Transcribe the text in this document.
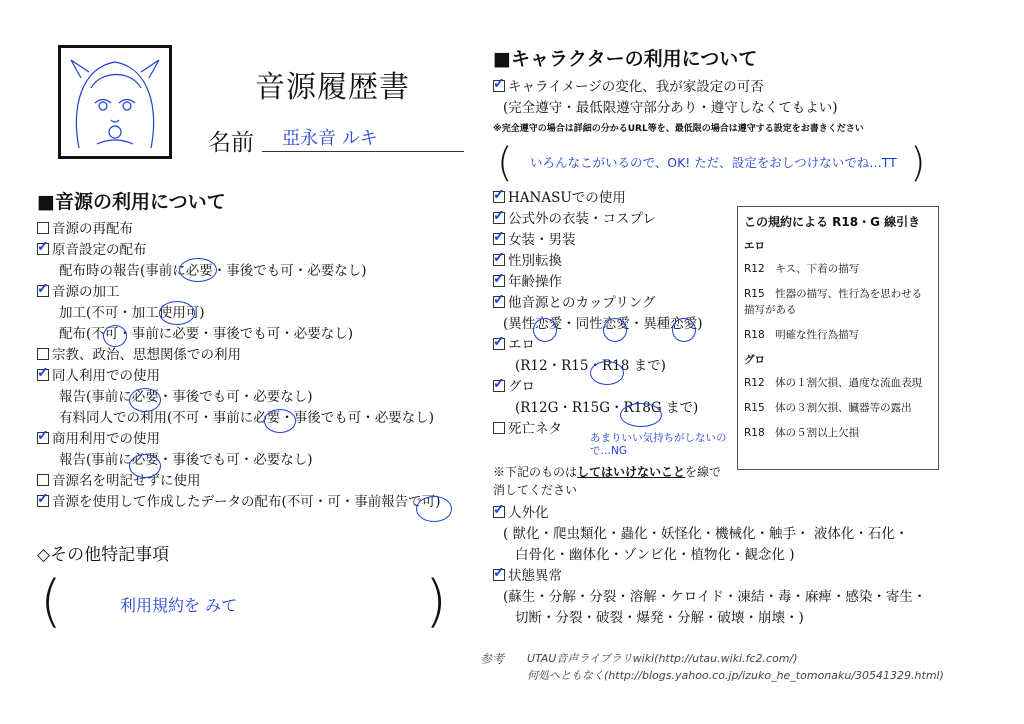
音源履歴書
名前 亞永音 ルキ
■音源の利用について
音源の再配布
✓原音設定の配布
配布時の報告(事前に必要・事後でも可・必要なし)
✓音源の加工
加工(不可・加工使用可)
配布(不可・事前に必要・事後でも可・必要なし)
宗教、政治、思想関係での利用
✓同人利用での使用
報告(事前に必要・事後でも可・必要なし)
有料同人での利用(不可・事前に必要・事後でも可・必要なし)
✓商用利用での使用
報告(事前に必要・事後でも可・必要なし)
音源名を明記せずに使用
✓音源を使用して作成したデータの配布(不可・可・事前報告で可)
◇その他特記事項
(	利用規約を みて	)
■キャラクターの利用について
✓キャライメージの変化、我が家設定の可否
(完全遵守・最低限遵守部分あり・遵守しなくてもよい)
※完全遵守の場合は詳細の分かるURL等を、最低限の場合は遵守する設定をお書きください
( いろんなこがいるので、OK! ただ、設定をおしつけないでね…TT )
✓HANASUでの使用
✓公式外の衣装・コスプレ
✓女装・男装
✓性別転換
✓年齢操作
✓他音源とのカップリング
(異性恋愛・同性恋愛・異種恋愛)
✓エロ
(R12・R15・R18 まで)
✓グロ
(R12G・R15G・R18G まで)
死亡ネタ
あまりいい気持ちがしないので…NG
※下記のものはしてはいけないことを線で
消してください
✓人外化
( 獣化・爬虫類化・蟲化・妖怪化・機械化・触手・ 液体化・石化・
白骨化・幽体化・ゾンビ化・植物化・観念化 )
✓状態異常
(蘇生・分解・分裂・溶解・ケロイド・凍結・毒・麻痺・感染・寄生・
切断・分裂・破裂・爆発・分解・破壊・崩壊・)
この規約による R18・G 線引き
エロ
R12　キス、下着の描写
R15　性器の描写、性行為を思わせる描写がある
R18　明確な性行為描写
グロ
R12　体の１割欠損、過度な流血表現
R15　体の３割欠損、臓器等の露出
R18　体の５割以上欠損
参考 UTAU音声ライブラリwiki(http://utau.wiki.fc2.com/)
何処へともなく(http://blogs.yahoo.co.jp/izuko_he_tomonaku/30541329.html)
